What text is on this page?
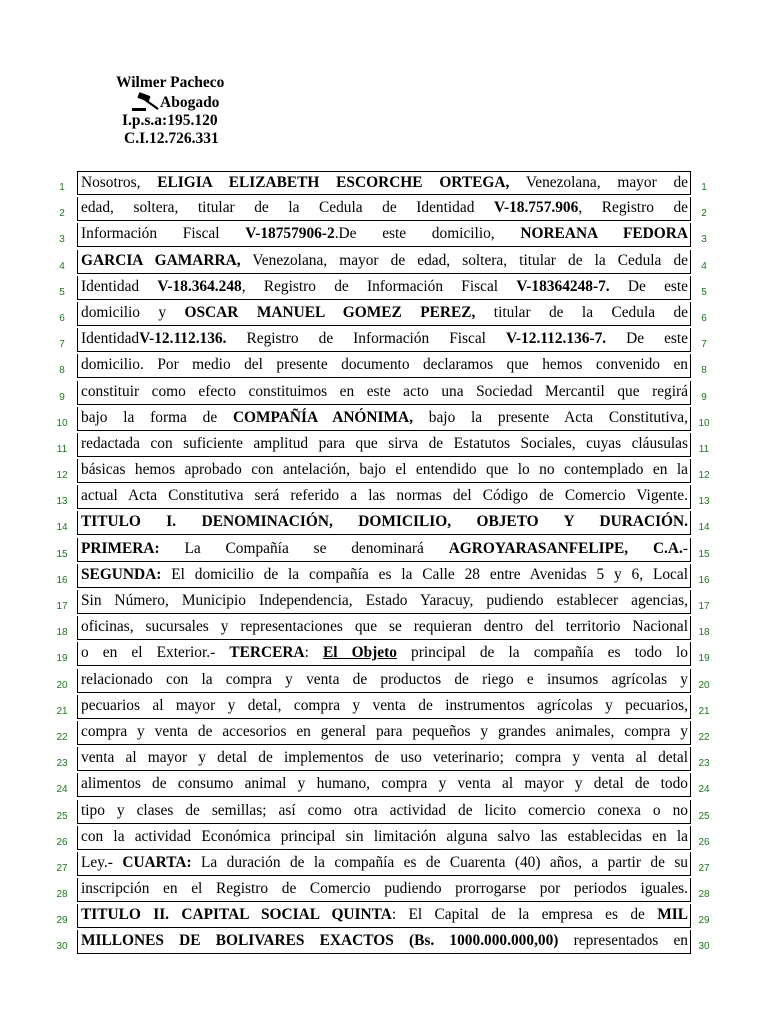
Wilmer Pacheco
Abogado
I.p.s.a:195.120
C.I.12.726.331
1	Nosotros, ELIGIA ELIZABETH ESCORCHE ORTEGA, Venezolana, mayor de	1
2	edad, soltera, titular de la Cedula de Identidad V-18.757.906, Registro de	2
3	Información Fiscal V-18757906-2.De este domicilio, NOREANA FEDORA	3
4	GARCIA GAMARRA, Venezolana, mayor de edad, soltera, titular de la Cedula de	4
5	Identidad V-18.364.248, Registro de Información Fiscal V-18364248-7. De este	5
6	domicilio y OSCAR MANUEL GOMEZ PEREZ, titular de la Cedula de	6
7	IdentidadV-12.112.136. Registro de Información Fiscal V-12.112.136-7. De este	7
8	domicilio. Por medio del presente documento declaramos que hemos convenido en	8
9	constituir como efecto constituimos en este acto una Sociedad Mercantil que regirá	9
10 bajo la forma de COMPAÑÍA ANÓNIMA, bajo la presente Acta Constitutiva,	10
11 redactada con suficiente amplitud para que sirva de Estatutos Sociales, cuyas cláusulas	11
12 básicas hemos aprobado con antelación, bajo el entendido que lo no contemplado en la	12
13 actual Acta Constitutiva será referido a las normas del Código de Comercio Vigente.	13
14 TITULO I. DENOMINACIÓN, DOMICILIO, OBJETO Y DURACIÓN.	14
15 PRIMERA: La Compañía se denominará AGROYARASANFELIPE, C.A.-	15
16 SEGUNDA: El domicilio de la compañía es la Calle 28 entre Avenidas 5 y 6, Local	16
17 Sin Número, Municipio Independencia, Estado Yaracuy, pudiendo establecer agencias,	17
18 oficinas, sucursales y representaciones que se requieran dentro del territorio Nacional	18
19 o en el Exterior.- TERCERA: El Objeto principal de la compañía es todo lo	19
20 relacionado con la compra y venta de productos de riego e insumos agrícolas y	20
21 pecuarios al mayor y detal, compra y venta de instrumentos agrícolas y pecuarios,	21
22 compra y venta de accesorios en general para pequeños y grandes animales, compra y	22
23 venta al mayor y detal de implementos de uso veterinario; compra y venta al detal	23
24 alimentos de consumo animal y humano, compra y venta al mayor y detal de todo	24
25 tipo y clases de semillas; así como otra actividad de licito comercio conexa o no	25
26 con la actividad Económica principal sin limitación alguna salvo las establecidas en la	26
27 Ley.- CUARTA: La duración de la compañía es de Cuarenta (40) años, a partir de su	27
28 inscripción en el Registro de Comercio pudiendo prorrogarse por periodos iguales.	28
29 TITULO II. CAPITAL SOCIAL QUINTA: El Capital de la empresa es de MIL	29
30 MILLONES DE BOLIVARES EXACTOS (Bs. 1000.000.000,00) representados en	30
